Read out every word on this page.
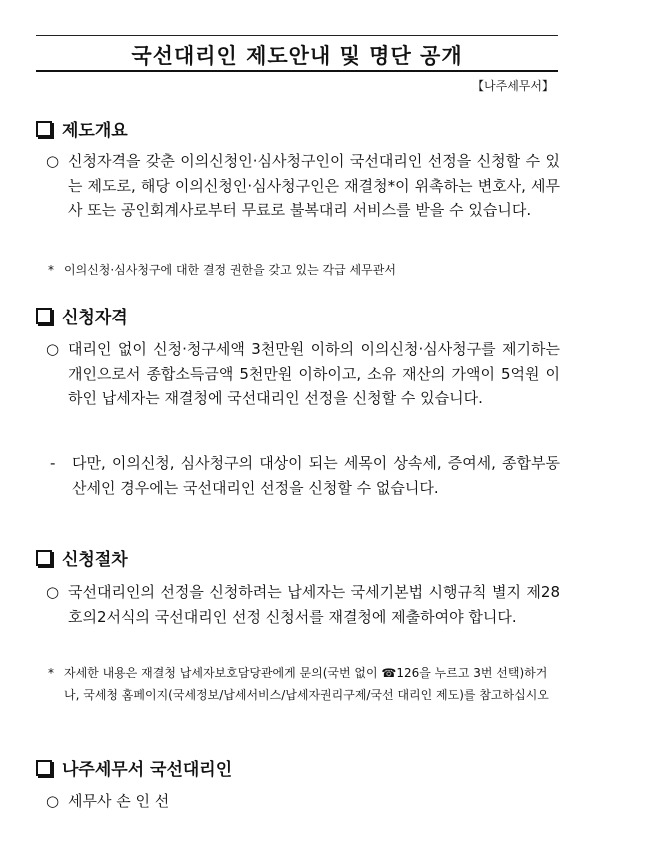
국선대리인 제도안내 및 명단 공개
【나주세무서】
제도개요
○ 신청자격을 갖춘 이의신청인·심사청구인이 국선대리인 선정을 신청할 수 있는 제도로, 해당 이의신청인·심사청구인은 재결청*이 위촉하는 변호사, 세무사 또는 공인회계사로부터 무료로 불복대리 서비스를 받을 수 있습니다.
* 이의신청·심사청구에 대한 결정 권한을 갖고 있는 각급 세무관서
신청자격
○ 대리인 없이 신청·청구세액 3천만원 이하의 이의신청·심사청구를 제기하는 개인으로서 종합소득금액 5천만원 이하이고, 소유 재산의 가액이 5억원 이하인 납세자는 재결청에 국선대리인 선정을 신청할 수 있습니다.
- 다만, 이의신청, 심사청구의 대상이 되는 세목이 상속세, 증여세, 종합부동산세인 경우에는 국선대리인 선정을 신청할 수 없습니다.
신청절차
○ 국선대리인의 선정을 신청하려는 납세자는 국세기본법 시행규칙 별지 제28호의2서식의 국선대리인 선정 신청서를 재결청에 제출하여야 합니다.
* 자세한 내용은 재결청 납세자보호담당관에게 문의(국번 없이 ☎126을 누르고 3번 선택)하거나, 국세청 홈페이지(국세정보/납세서비스/납세자권리구제/국선 대리인 제도)를 참고하십시오
나주세무서 국선대리인
○ 세무사 손 인 선
